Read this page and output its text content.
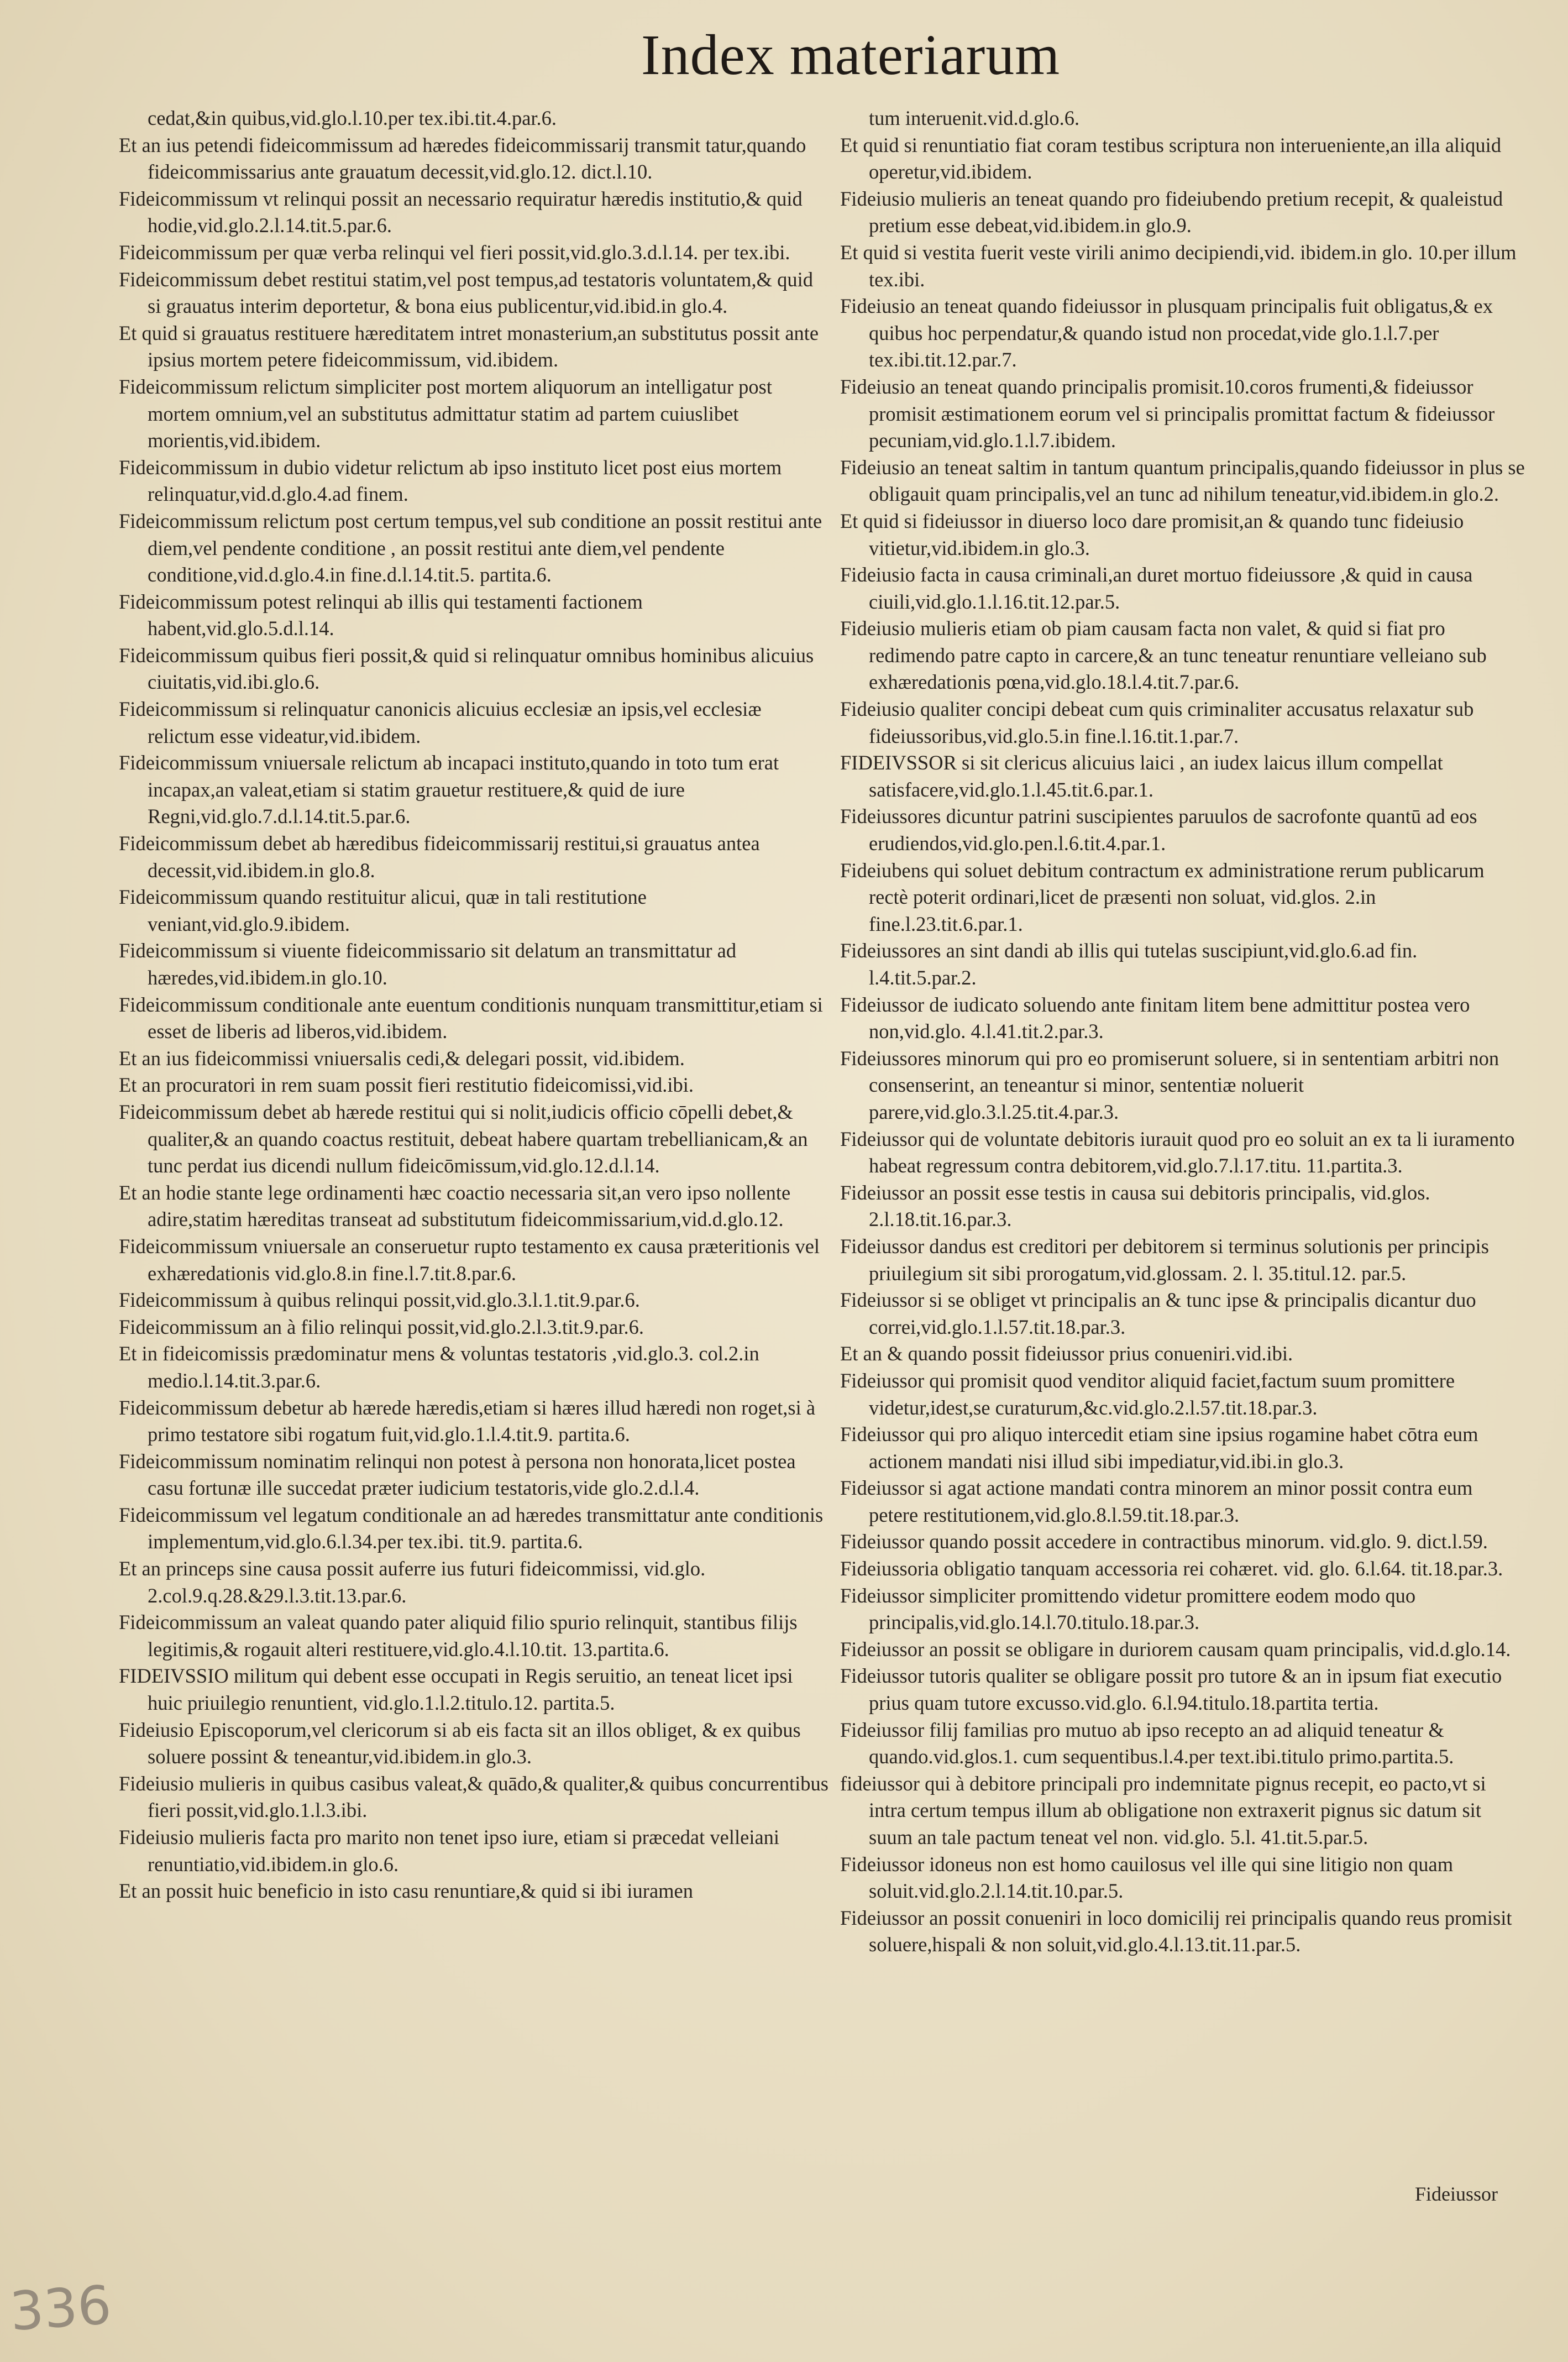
Index materiarum

cedat,&in quibus,vid.glo.l.10.per tex.ibi.tit.4.par.6.

Et an ius petendi fideicommissum ad hæredes fideicommissarij transmit tatur,quando fideicommissarius ante grauatum decessit,vid.glo.12. dict.l.10.

Fideicommissum vt relinqui possit an necessario requiratur hæredis institutio,& quid hodie,vid.glo.2.l.14.tit.5.par.6.

Fideicommissum per quæ verba relinqui vel fieri possit,vid.glo.3.d.l.14. per tex.ibi.

Fideicommissum debet restitui statim,vel post tempus,ad testatoris voluntatem,& quid si grauatus interim deportetur, & bona eius publicentur,vid.ibid.in glo.4.

Et quid si grauatus restituere hæreditatem intret monasterium,an substitutus possit ante ipsius mortem petere fideicommissum, vid.ibidem.

Fideicommissum relictum simpliciter post mortem aliquorum an intelligatur post mortem omnium,vel an substitutus admittatur statim ad partem cuiuslibet morientis,vid.ibidem.

Fideicommissum in dubio videtur relictum ab ipso instituto licet post eius mortem relinquatur,vid.d.glo.4.ad finem.

Fideicommissum relictum post certum tempus,vel sub conditione an possit restitui ante diem,vel pendente conditione , an possit restitui ante diem,vel pendente conditione,vid.d.glo.4.in fine.d.l.14.tit.5. partita.6.

Fideicommissum potest relinqui ab illis qui testamenti factionem habent,vid.glo.5.d.l.14.

Fideicommissum quibus fieri possit,& quid si relinquatur omnibus hominibus alicuius ciuitatis,vid.ibi.glo.6.

Fideicommissum si relinquatur canonicis alicuius ecclesiæ an ipsis,vel ecclesiæ relictum esse videatur,vid.ibidem.

Fideicommissum vniuersale relictum ab incapaci instituto,quando in toto tum erat incapax,an valeat,etiam si statim grauetur restituere,& quid de iure Regni,vid.glo.7.d.l.14.tit.5.par.6.

Fideicommissum debet ab hæredibus fideicommissarij restitui,si grauatus antea decessit,vid.ibidem.in glo.8.

Fideicommissum quando restituitur alicui, quæ in tali restitutione veniant,vid.glo.9.ibidem.

Fideicommissum si viuente fideicommissario sit delatum an transmittatur ad hæredes,vid.ibidem.in glo.10.

Fideicommissum conditionale ante euentum conditionis nunquam transmittitur,etiam si esset de liberis ad liberos,vid.ibidem.

Et an ius fideicommissi vniuersalis cedi,& delegari possit, vid.ibidem.

Et an procuratori in rem suam possit fieri restitutio fideicomissi,vid.ibi.

Fideicommissum debet ab hærede restitui qui si nolit,iudicis officio cōpelli debet,& qualiter,& an quando coactus restituit, debeat habere quartam trebellianicam,& an tunc perdat ius dicendi nullum fideicōmissum,vid.glo.12.d.l.14.

Et an hodie stante lege ordinamenti hæc coactio necessaria sit,an vero ipso nollente adire,statim hæreditas transeat ad substitutum fideicommissarium,vid.d.glo.12.

Fideicommissum vniuersale an conseruetur rupto testamento ex causa præteritionis vel exhæredationis vid.glo.8.in fine.l.7.tit.8.par.6.

Fideicommissum à quibus relinqui possit,vid.glo.3.l.1.tit.9.par.6.

Fideicommissum an à filio relinqui possit,vid.glo.2.l.3.tit.9.par.6.

Et in fideicomissis prædominatur mens & voluntas testatoris ,vid.glo.3. col.2.in medio.l.14.tit.3.par.6.

Fideicommissum debetur ab hærede hæredis,etiam si hæres illud hæredi non roget,si à primo testatore sibi rogatum fuit,vid.glo.1.l.4.tit.9. partita.6.

Fideicommissum nominatim relinqui non potest à persona non honorata,licet postea casu fortunæ ille succedat præter iudicium testatoris,vide glo.2.d.l.4.

Fideicommissum vel legatum conditionale an ad hæredes transmittatur ante conditionis implementum,vid.glo.6.l.34.per tex.ibi. tit.9. partita.6.

Et an princeps sine causa possit auferre ius futuri fideicommissi, vid.glo. 2.col.9.q.28.&29.l.3.tit.13.par.6.

Fideicommissum an valeat quando pater aliquid filio spurio relinquit, stantibus filijs legitimis,& rogauit alteri restituere,vid.glo.4.l.10.tit. 13.partita.6.

FIDEIVSSIO militum qui debent esse occupati in Regis seruitio, an teneat licet ipsi huic priuilegio renuntient, vid.glo.1.l.2.titulo.12. partita.5.

Fideiusio Episcoporum,vel clericorum si ab eis facta sit an illos obliget, & ex quibus soluere possint & teneantur,vid.ibidem.in glo.3.

Fideiusio mulieris in quibus casibus valeat,& quādo,& qualiter,& quibus concurrentibus fieri possit,vid.glo.1.l.3.ibi.

Fideiusio mulieris facta pro marito non tenet ipso iure, etiam si præcedat velleiani renuntiatio,vid.ibidem.in glo.6.

Et an possit huic beneficio in isto casu renuntiare,& quid si ibi iuramen

tum interuenit.vid.d.glo.6.

Et quid si renuntiatio fiat coram testibus scriptura non interueniente,an illa aliquid operetur,vid.ibidem.

Fideiusio mulieris an teneat quando pro fideiubendo pretium recepit, & qualeistud pretium esse debeat,vid.ibidem.in glo.9.

Et quid si vestita fuerit veste virili animo decipiendi,vid. ibidem.in glo. 10.per illum tex.ibi.

Fideiusio an teneat quando fideiussor in plusquam principalis fuit obligatus,& ex quibus hoc perpendatur,& quando istud non procedat,vide glo.1.l.7.per tex.ibi.tit.12.par.7.

Fideiusio an teneat quando principalis promisit.10.coros frumenti,& fideiussor promisit æstimationem eorum vel si principalis promittat factum & fideiussor pecuniam,vid.glo.1.l.7.ibidem.

Fideiusio an teneat saltim in tantum quantum principalis,quando fideiussor in plus se obligauit quam principalis,vel an tunc ad nihilum teneatur,vid.ibidem.in glo.2.

Et quid si fideiussor in diuerso loco dare promisit,an & quando tunc fideiusio vitietur,vid.ibidem.in glo.3.

Fideiusio facta in causa criminali,an duret mortuo fideiussore ,& quid in causa ciuili,vid.glo.1.l.16.tit.12.par.5.

Fideiusio mulieris etiam ob piam causam facta non valet, & quid si fiat pro redimendo patre capto in carcere,& an tunc teneatur renuntiare velleiano sub exhæredationis pœna,vid.glo.18.l.4.tit.7.par.6.

Fideiusio qualiter concipi debeat cum quis criminaliter accusatus relaxatur sub fideiussoribus,vid.glo.5.in fine.l.16.tit.1.par.7.

FIDEIVSSOR si sit clericus alicuius laici , an iudex laicus illum compellat satisfacere,vid.glo.1.l.45.tit.6.par.1.

Fideiussores dicuntur patrini suscipientes paruulos de sacrofonte quantū ad eos erudiendos,vid.glo.pen.l.6.tit.4.par.1.

Fideiubens qui soluet debitum contractum ex administratione rerum publicarum rectè poterit ordinari,licet de præsenti non soluat, vid.glos. 2.in fine.l.23.tit.6.par.1.

Fideiussores an sint dandi ab illis qui tutelas suscipiunt,vid.glo.6.ad fin. l.4.tit.5.par.2.

Fideiussor de iudicato soluendo ante finitam litem bene admittitur postea vero non,vid.glo. 4.l.41.tit.2.par.3.

Fideiussores minorum qui pro eo promiserunt soluere, si in sententiam arbitri non consenserint, an teneantur si minor, sententiæ noluerit parere,vid.glo.3.l.25.tit.4.par.3.

Fideiussor qui de voluntate debitoris iurauit quod pro eo soluit an ex ta li iuramento habeat regressum contra debitorem,vid.glo.7.l.17.titu. 11.partita.3.

Fideiussor an possit esse testis in causa sui debitoris principalis, vid.glos. 2.l.18.tit.16.par.3.

Fideiussor dandus est creditori per debitorem si terminus solutionis per principis priuilegium sit sibi prorogatum,vid.glossam. 2. l. 35.titul.12. par.5.

Fideiussor si se obliget vt principalis an & tunc ipse & principalis dicantur duo correi,vid.glo.1.l.57.tit.18.par.3.

Et an & quando possit fideiussor prius conueniri.vid.ibi.

Fideiussor qui promisit quod venditor aliquid faciet,factum suum promittere videtur,idest,se curaturum,&c.vid.glo.2.l.57.tit.18.par.3.

Fideiussor qui pro aliquo intercedit etiam sine ipsius rogamine habet cōtra eum actionem mandati nisi illud sibi impediatur,vid.ibi.in glo.3.

Fideiussor si agat actione mandati contra minorem an minor possit contra eum petere restitutionem,vid.glo.8.l.59.tit.18.par.3.

Fideiussor quando possit accedere in contractibus minorum. vid.glo. 9. dict.l.59.

Fideiussoria obligatio tanquam accessoria rei cohæret. vid. glo. 6.l.64. tit.18.par.3.

Fideiussor simpliciter promittendo videtur promittere eodem modo quo principalis,vid.glo.14.l.70.titulo.18.par.3.

Fideiussor an possit se obligare in duriorem causam quam principalis, vid.d.glo.14.

Fideiussor tutoris qualiter se obligare possit pro tutore & an in ipsum fiat executio prius quam tutore excusso.vid.glo. 6.l.94.titulo.18.partita tertia.

Fideiussor filij familias pro mutuo ab ipso recepto an ad aliquid teneatur & quando.vid.glos.1. cum sequentibus.l.4.per text.ibi.titulo primo.partita.5.

fideiussor qui à debitore principali pro indemnitate pignus recepit, eo pacto,vt si intra certum tempus illum ab obligatione non extraxerit pignus sic datum sit suum an tale pactum teneat vel non. vid.glo. 5.l. 41.tit.5.par.5.

Fideiussor idoneus non est homo cauilosus vel ille qui sine litigio non quam soluit.vid.glo.2.l.14.tit.10.par.5.

Fideiussor an possit conueniri in loco domicilij rei principalis quando reus promisit soluere,hispali & non soluit,vid.glo.4.l.13.tit.11.par.5.

Fideiussor
336
